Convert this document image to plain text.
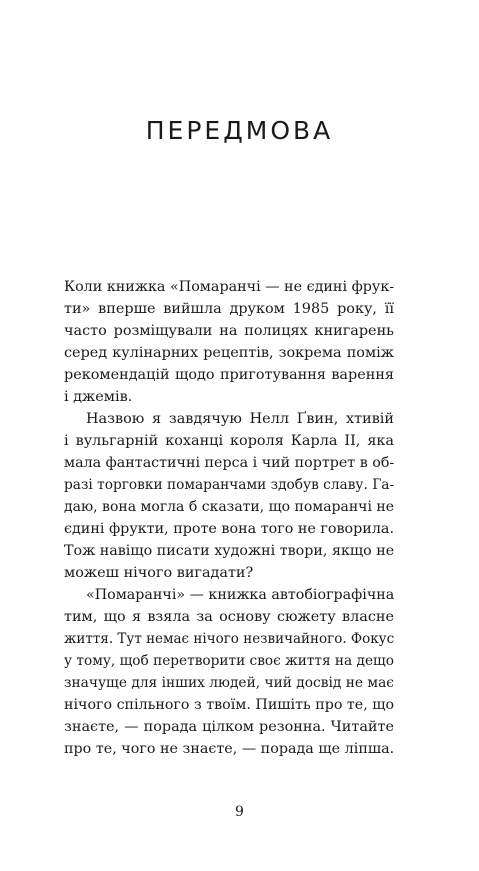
ПЕРЕДМОВА

Коли книжка «Помаранчі — не єдині фрук-
ти» вперше вийшла друком 1985 року, її
часто розміщували на полицях книгарень
серед кулінарних рецептів, зокрема поміж
рекомендацій щодо приготування варення
і джемів.

Назвою я завдячую Нелл Ґвин, хтивій
і вульгарній коханці короля Карла II, яка
мала фантастичні перса і чий портрет в об-
разі торговки помаранчами здобув славу. Га-
даю, вона могла б сказати, що помаранчі не
єдині фрукти, проте вона того не говорила.
Тож навіщо писати художні твори, якщо не
можеш нічого вигадати?

«Помаранчі» — книжка автобіографічна
тим, що я взяла за основу сюжету власне
життя. Тут немає нічого незвичайного. Фокус
у тому, щоб перетворити своє життя на дещо
значуще для інших людей, чий досвід не має
нічого спільного з твоїм. Пишіть про те, що
знаєте, — порада цілком резонна. Читайте
про те, чого не знаєте, — порада ще ліпша.

9
